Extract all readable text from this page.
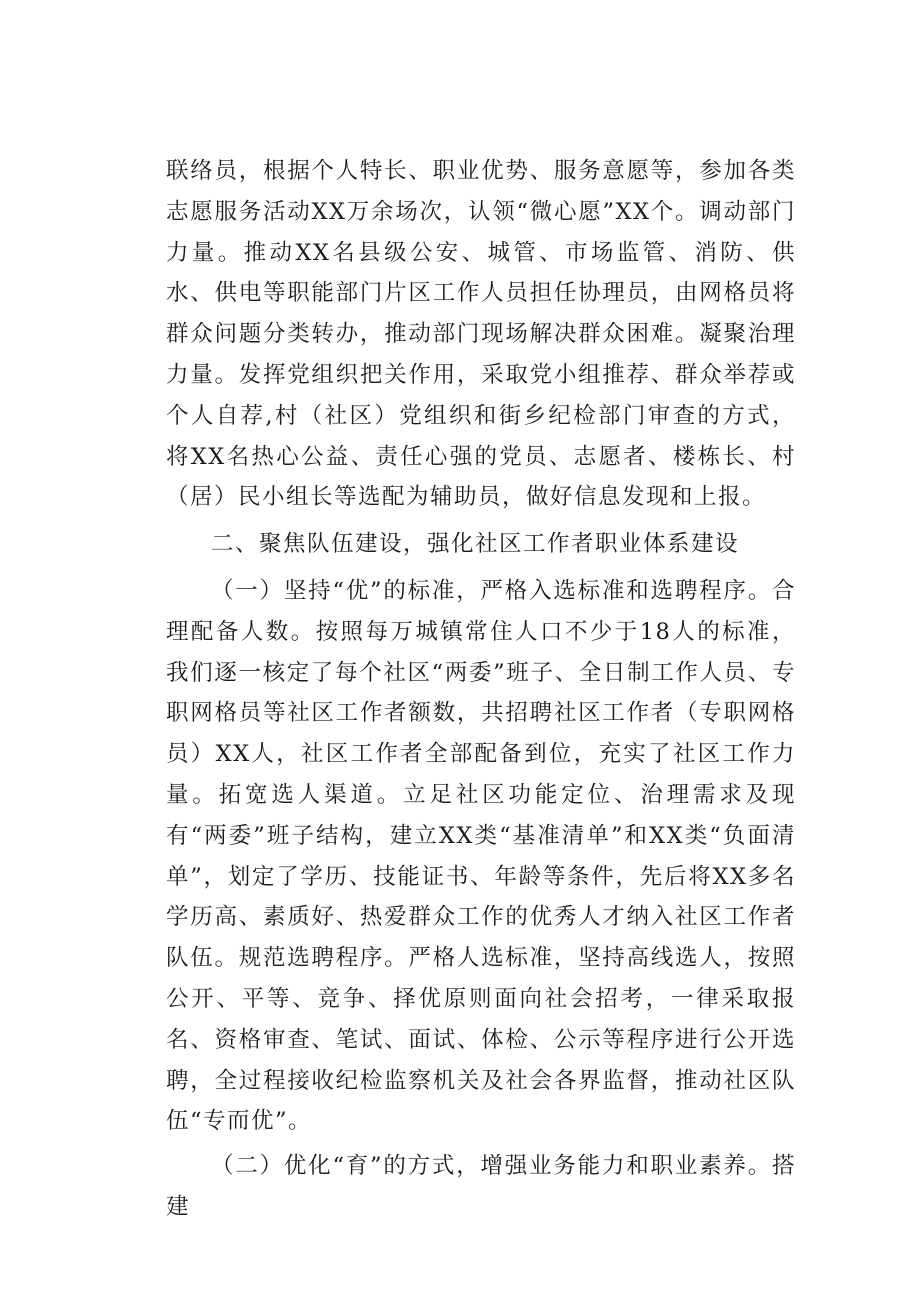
联络员，根据个人特长、职业优势、服务意愿等，参加各类志愿服务活动XX万余场次，认领“微心愿”XX个。调动部门力量。推动XX名县级公安、城管、市场监管、消防、供水、供电等职能部门片区工作人员担任协理员，由网格员将群众问题分类转办，推动部门现场解决群众困难。凝聚治理力量。发挥党组织把关作用，采取党小组推荐、群众举荐或个人自荐,村（社区）党组织和街乡纪检部门审查的方式，将XX名热心公益、责任心强的党员、志愿者、楼栋长、村（居）民小组长等选配为辅助员，做好信息发现和上报。

二、聚焦队伍建设，强化社区工作者职业体系建设

（一）坚持“优”的标准，严格入选标准和选聘程序。合理配备人数。按照每万城镇常住人口不少于18人的标准，我们逐一核定了每个社区“两委”班子、全日制工作人员、专职网格员等社区工作者额数，共招聘社区工作者（专职网格员）XX人，社区工作者全部配备到位，充实了社区工作力量。拓宽选人渠道。立足社区功能定位、治理需求及现有“两委”班子结构，建立XX类“基准清单”和XX类“负面清单”，划定了学历、技能证书、年龄等条件，先后将XX多名学历高、素质好、热爱群众工作的优秀人才纳入社区工作者队伍。规范选聘程序。严格人选标准，坚持高线选人，按照公开、平等、竞争、择优原则面向社会招考，一律采取报名、资格审查、笔试、面试、体检、公示等程序进行公开选聘，全过程接收纪检监察机关及社会各界监督，推动社区队伍“专而优”。

（二）优化“育”的方式，增强业务能力和职业素养。搭建
